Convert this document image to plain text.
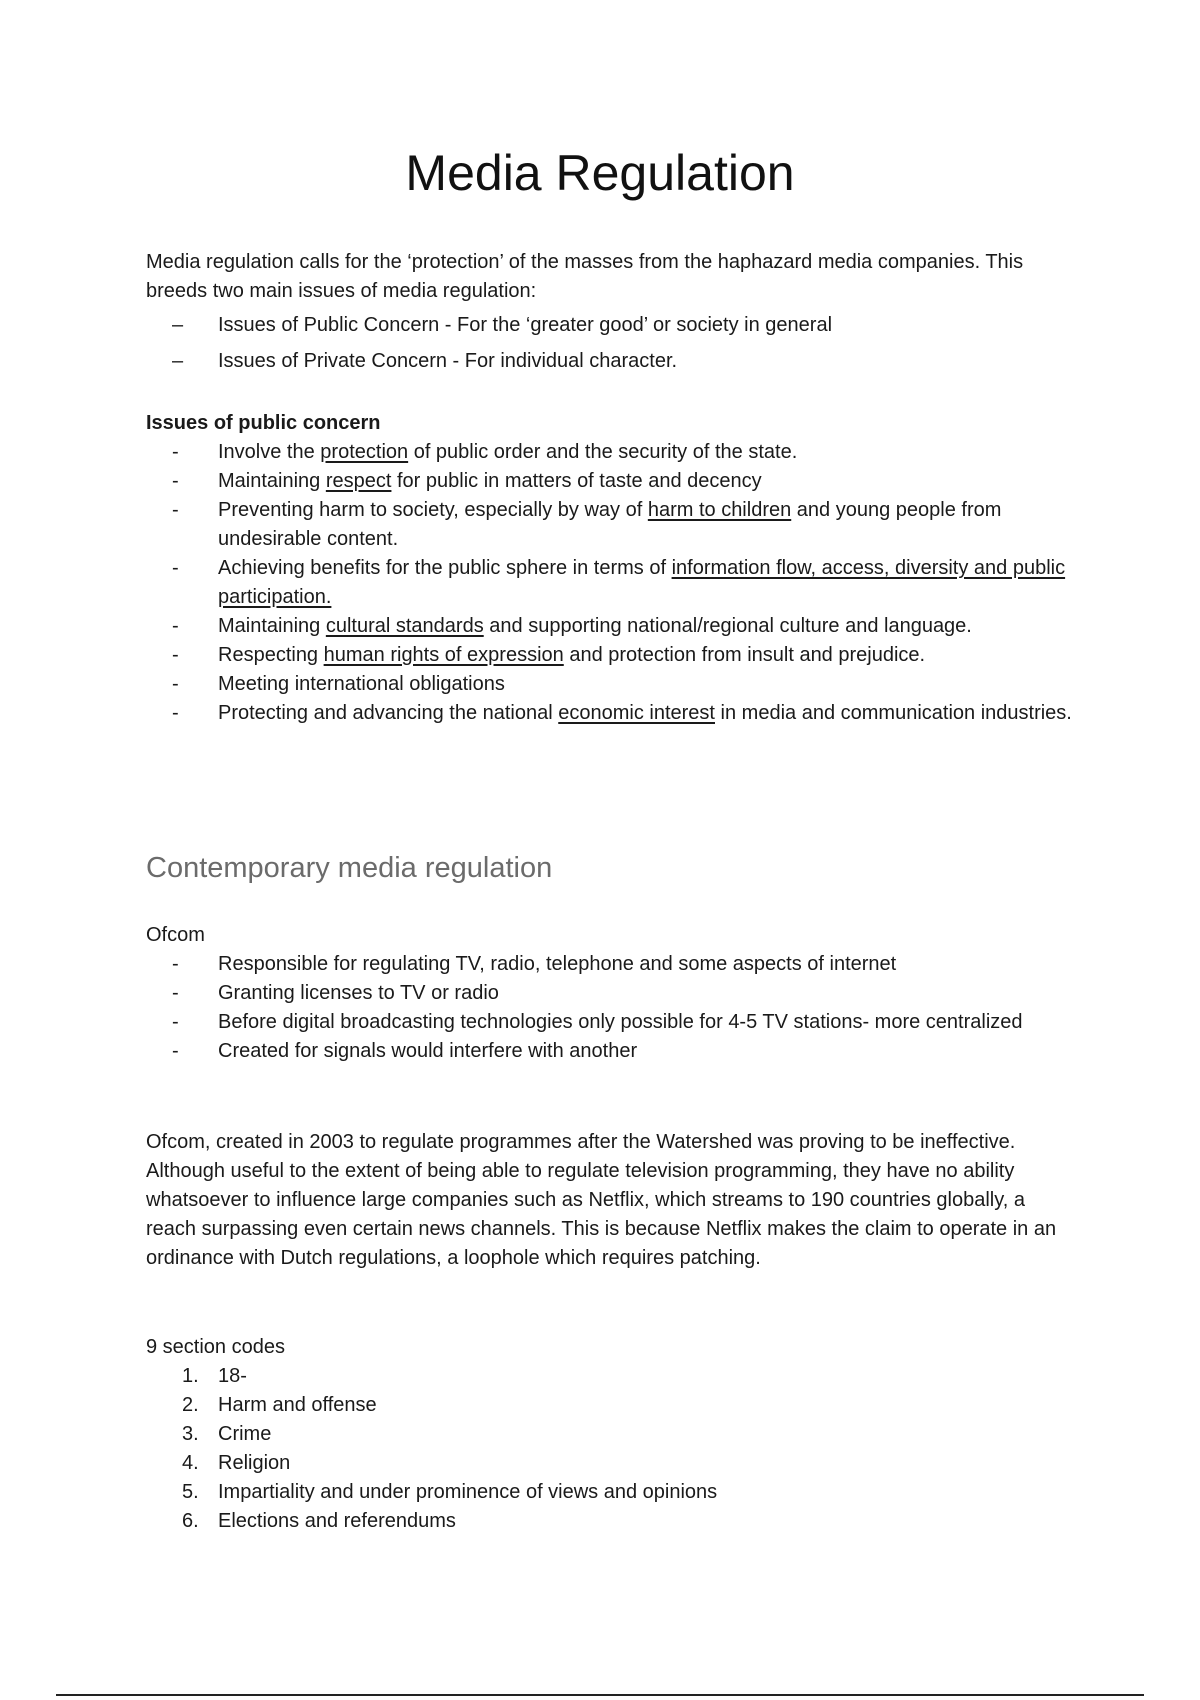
Media Regulation

Media regulation calls for the ‘protection’ of the masses from the haphazard media companies. This breeds two main issues of media regulation:

– Issues of Public Concern - For the ‘greater good’ or society in general
– Issues of Private Concern - For individual character.

Issues of public concern

- Involve the protection of public order and the security of the state.
- Maintaining respect for public in matters of taste and decency
- Preventing harm to society, especially by way of harm to children and young people from undesirable content.
- Achieving benefits for the public sphere in terms of information flow, access, diversity and public participation.
- Maintaining cultural standards and supporting national/regional culture and language.
- Respecting human rights of expression and protection from insult and prejudice.
- Meeting international obligations
- Protecting and advancing the national economic interest in media and communication industries.
Contemporary media regulation

Ofcom

- Responsible for regulating TV, radio, telephone and some aspects of internet
- Granting licenses to TV or radio
- Before digital broadcasting technologies only possible for 4-5 TV stations- more centralized
- Created for signals would interfere with another

Ofcom, created in 2003 to regulate programmes after the Watershed was proving to be ineffective. Although useful to the extent of being able to regulate television programming, they have no ability whatsoever to influence large companies such as Netflix, which streams to 190 countries globally, a reach surpassing even certain news channels. This is because Netflix makes the claim to operate in an ordinance with Dutch regulations, a loophole which requires patching.

9 section codes

1. 18-
2. Harm and offense
3. Crime
4. Religion
5. Impartiality and under prominence of views and opinions
6. Elections and referendums
